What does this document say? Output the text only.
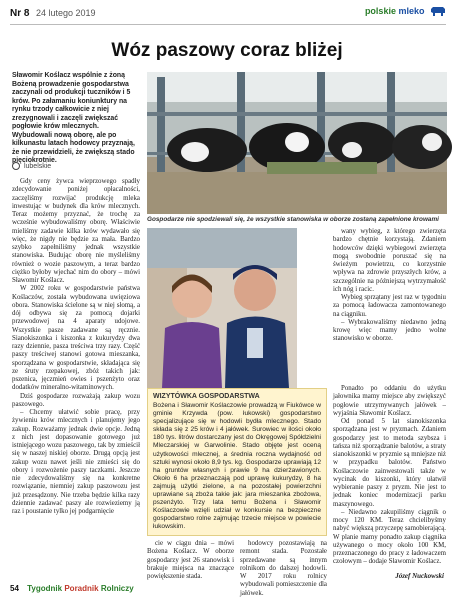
Nr 8 24 lutego 2019	polskie mleko
Wóz paszowy coraz bliżej
Sławomir Koślacz wspólnie z żoną Bożeną prowadzenie gospodarstwa zaczynali od produkcji tuczników i 5 krów. Po załamaniu koniunktury na rynku trzody całkowicie z niej zrezygnowali i zaczęli zwiększać pogłowie krów mlecznych. Wybudowali nową oborę, ale po kilkunastu latach hodowcy przyznają, że nie przewidzieli, że zwiększą stado pięciokrotnie.
lubelskie

Gdy ceny żywca wieprzowego spadły zdecydowanie poniżej opłacalności, zaczęliśmy rozwijać produkcję mleka inwestując w budynek dla krów mlecznych. Teraz możemy przyznać, że trochę za wcześnie wybudowaliśmy oborę. Właściwie mieliśmy zadawie kilka krów wydawało się więc, że nigdy nie będzie za mała. Bardzo szybko zapełniliśmy jednak wszystkie stanowiska. Budując oborę nie myśleliśmy również o wozie paszowym, a teraz bardzo ciężko byłoby wjechać nim do obory – mówi Sławomir Koślacz.

W 2002 roku w gospodarstwie państwa Koślaczów, została wybudowana uwięziowa obora. Stanowiska ścielone są w niej słomą, a dój odbywa się za pomocą dojarki przewodowej na 4 aparaty udojowe. Wszystkie pasze zadawane są ręcznie. Sianokiszonka i kiszonka z kukurydzy dwa razy dziennie, pasza treściwa trzy razy. Część paszy treściwej stanowi gotowa mieszanka, sporządzana w gospodarstwie, składająca się ze śruty rzepakowej, zbóż takich jak: pszenica, jęczmień owies i pszenżyto oraz dodatków mineralno-witaminowych.

Dziś gospodarze rozważają zakup wozu paszowego.

– Chcemy ułatwić sobie pracę, przy żywieniu krów mlecznych i planujemy jego zakup. Rozważamy jednak dwie opcje. Jedną z nich jest dopasowanie gotowego już istniejącego wozu paszowego, tak by zmieścił się w naszej niskiej oborze. Drugą opcją jest zakup wozu nawet jeśli nie zmieści się do obory i rozwożenie paszy taczkami. Jeszcze nie zdecydowaliśmy się na konkretne rozwiązanie, niemniej zakup paszowozu jest już przesądzony. Nie trzeba będzie kilka razy dziennie zadawać paszy ale rozwieziemy ją raz i poustanie tylko jej podgarnięcie

Gospodarze nie spodziewali się, że wszystkie stanowiska w oborze zostaną zapełnione krowami
WIZYTÓWKA GOSPODARSTWA
Bożena i Sławomir Koślaczowie prowadzą w Fiukówce w gminie Krzywda (pow. łukowski) gospodarstwo specjalizujące się w hodowli bydła mlecznego. Stado składa się z 25 krów i 4 jałówek. Surowiec w ilości około 180 tys. litrów dostarczany jest do Okręgowej Spółdzielni Mleczarskiej w Garwolinie. Stado objęte jest oceną użytkowości mlecznej, a średnia roczna wydajność od sztuki wynosi około 8,9 tys. kg. Gospodarze uprawiają 12 ha gruntów własnych i prawie 9 ha dzierżawionych. Około 6 ha przeznaczają pod uprawę kukurydzy, 8 ha zajmują użytki zielone, a na pozostałej powierzchni uprawiane są zboża takie jak: jara mieszanka zbożowa, pszenżyto. Trzy lata temu Bożena i Sławomir Koślaczowie wzięli udział w konkursie na bezpieczne gospodarstwo rolne zajmując trzecie miejsce w powiecie łukowskim.

cie w ciągu dnia – mówi Bożena Koślacz. W oborze gospodarzy jest 26 stanowisk i brakuje miejsca na znaczące powiększenie stada.

hodowcy pozostawiają na remont stada. Pozostałe sprzedawane są innym rolnikom do dalszej hodowli. W 2017 roku rolnicy wybudowali pomieszczenie dla jałówek.

wany wybieg, z którego zwierzęta bardzo chętnie korzystają. Zdaniem hodowców dzięki wybiegowi zwierzęta mogą swobodnie poruszać się na świeżym powietrzu, co korzystnie wpływa na zdrowie przyszłych krów, a szczególnie na późniejszą wytrzymałość ich nóg i racic.

Wybieg sprzątany jest raz w tygodniu za pomocą ładowacza zamontowanego na ciągniku.

– Wybrakowaliśmy niedawno jedną krowę więc mamy jedno wolne stanowisko w oborze.

Ponadto po oddaniu do użytku jałownika mamy miejsce aby zwiększyć pogłowie utrzymywanych jałówek – wyjaśnia Sławomir Koślacz.

Od ponad 5 lat sianokiszonka sporządzana jest w pryzmach. Zdaniem gospodarzy jest to metoda szybsza i tańsza niż sporządzanie balotów, a straty sianokiszonki w pryzmie są mniejsze niż w przypadku balotów. Państwo Koślaczowie zainwestowali także w wycinak do kiszonki, który ułatwił wybieranie paszy z pryzm. Nie jest to jednak koniec modernizacji parku maszynowego.

– Niedawno zakupiliśmy ciągnik o mocy 120 KM. Teraz chcielibyśmy nabyć większą przyczepę samobierającą. W planie mamy ponadto zakup ciągnika używanego o mocy około 100 KM, przeznaczonego do pracy z ładowaczem czołowym – dodaje Sławomir Koślacz.

Józef Nuckowski
54 Tygodnik Poradnik Rolniczy
